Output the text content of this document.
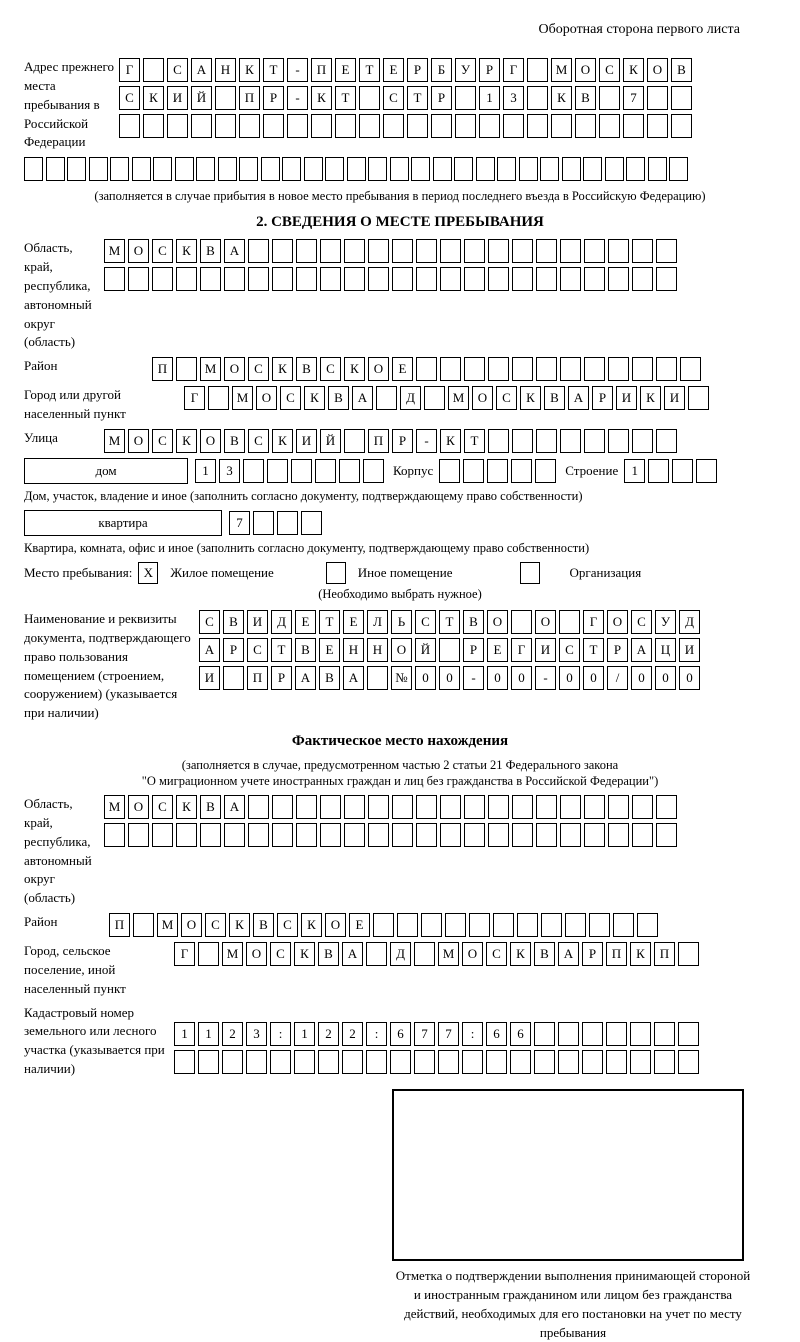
Оборотная сторона первого листа
Адрес прежнего места пребывания в Российской Федерации
Г	С	А	Н	К	Т	-	П	Е	Т	Е	Р	Б	У	Р	Г	М	О	С	К	О	В
С	К	И	Й	П	Р	-	К	Т	С	Т	Р	1	3	К	В	7
(заполняется в случае прибытия в новое место пребывания в период последнего въезда в Российскую Федерацию)
2. СВЕДЕНИЯ О МЕСТЕ ПРЕБЫВАНИЯ
Область, край, республика, автономный округ (область)
М	О	С	К	В	А
Район	П	М	О	С	К	В	С	К	О	Е
Город или другой населенный пункт
Г	М	О	С	К	В	А	Д	М	О	С	К	В	А	Р	И	К	И
Улица	М	О	С	К	О	В	С	К	И	Й	П	Р	-	К	Т
дом	1	3	Корпус	Строение	1
Дом, участок, владение и иное (заполнить согласно документу, подтверждающему право собственности)
квартира	7
Квартира, комната, офис и иное (заполнить согласно документу, подтверждающему право собственности)
Место пребывания: X	Жилое помещение	Иное помещение	Организация
(Необходимо выбрать нужное)
Наименование и реквизиты документа, подтверждающего право пользования помещением (строением, сооружением) (указывается при наличии)
С	В	И	Д	Е	Т	Е	Л	Ь	С	Т	В	О	О	Г	О	С	У	Д
А	Р	С	Т	В	Е	Н	Н	О	Й	Р	Е	Г	И	С	Т	Р	А	Ц	И
И	П	Р	А	В	А	№	0	0	-	0	0	-	0	0	/	0	0	0
Фактическое место нахождения
(заполняется в случае, предусмотренном частью 2 статьи 21 Федерального закона
"О миграционном учете иностранных граждан и лиц без гражданства в Российской Федерации")
Область, край, республика, автономный округ (область)
М	О	С	К	В	А
Район	П	М	О	С	К	В	С	К	О	Е
Город, сельское поселение, иной населенный пункт
Г	М	О	С	К	В	А	Д	М	О	С	К	В	А	Р	П	К	П
Кадастровый номер земельного или лесного участка (указывается при наличии)
1	1	2	3	:	1	2	2	:	6	7	7	:	6	6
Отметка о подтверждении выполнения принимающей стороной и иностранным гражданином или лицом без гражданства действий, необходимых для его постановки на учет по месту пребывания
